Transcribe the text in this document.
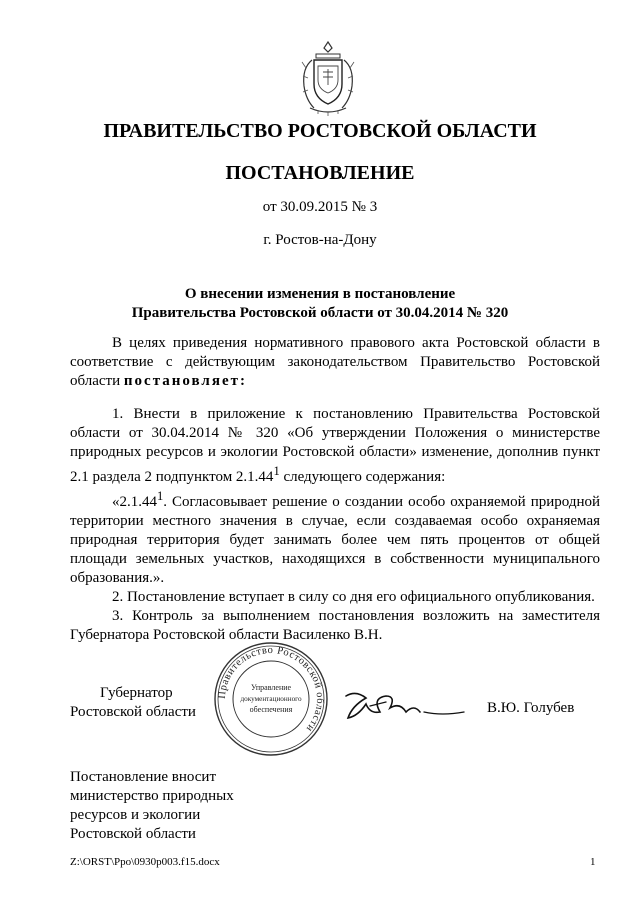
ПРАВИТЕЛЬСТВО РОСТОВСКОЙ ОБЛАСТИ
ПОСТАНОВЛЕНИЕ
от 30.09.2015 № 3
г. Ростов-на-Дону
О внесении изменения в постановление
Правительства Ростовской области от 30.04.2014 № 320

В целях приведения нормативного правового акта Ростовской области в соответствие с действующим законодательством Правительство Ростовской области постановляет:

1. Внести в приложение к постановлению Правительства Ростовской области от 30.04.2014 № 320 «Об утверждении Положения о министерстве природных ресурсов и экологии Ростовской области» изменение, дополнив пункт 2.1 раздела 2 подпунктом 2.1.44$^1$ следующего содержания:

«2.1.44$^1$. Согласовывает решение о создании особо охраняемой природной территории местного значения в случае, если создаваемая особо охраняемая природная территория будет занимать более чем пять процентов от общей площади земельных участков, находящихся в собственности муниципального образования.».

2. Постановление вступает в силу со дня его официального опубликования.

3. Контроль за выполнением постановления возложить на заместителя Губернатора Ростовской области Василенко В.Н.

Губернатор
Ростовской области
Правительство Ростовской области
Управление
документационного
обеспечения	В.Ю. Голубев
Постановление вносит
министерство природных
ресурсов и экологии
Ростовской области
Z:\ORST\Ppo\0930p003.f15.docx	1
